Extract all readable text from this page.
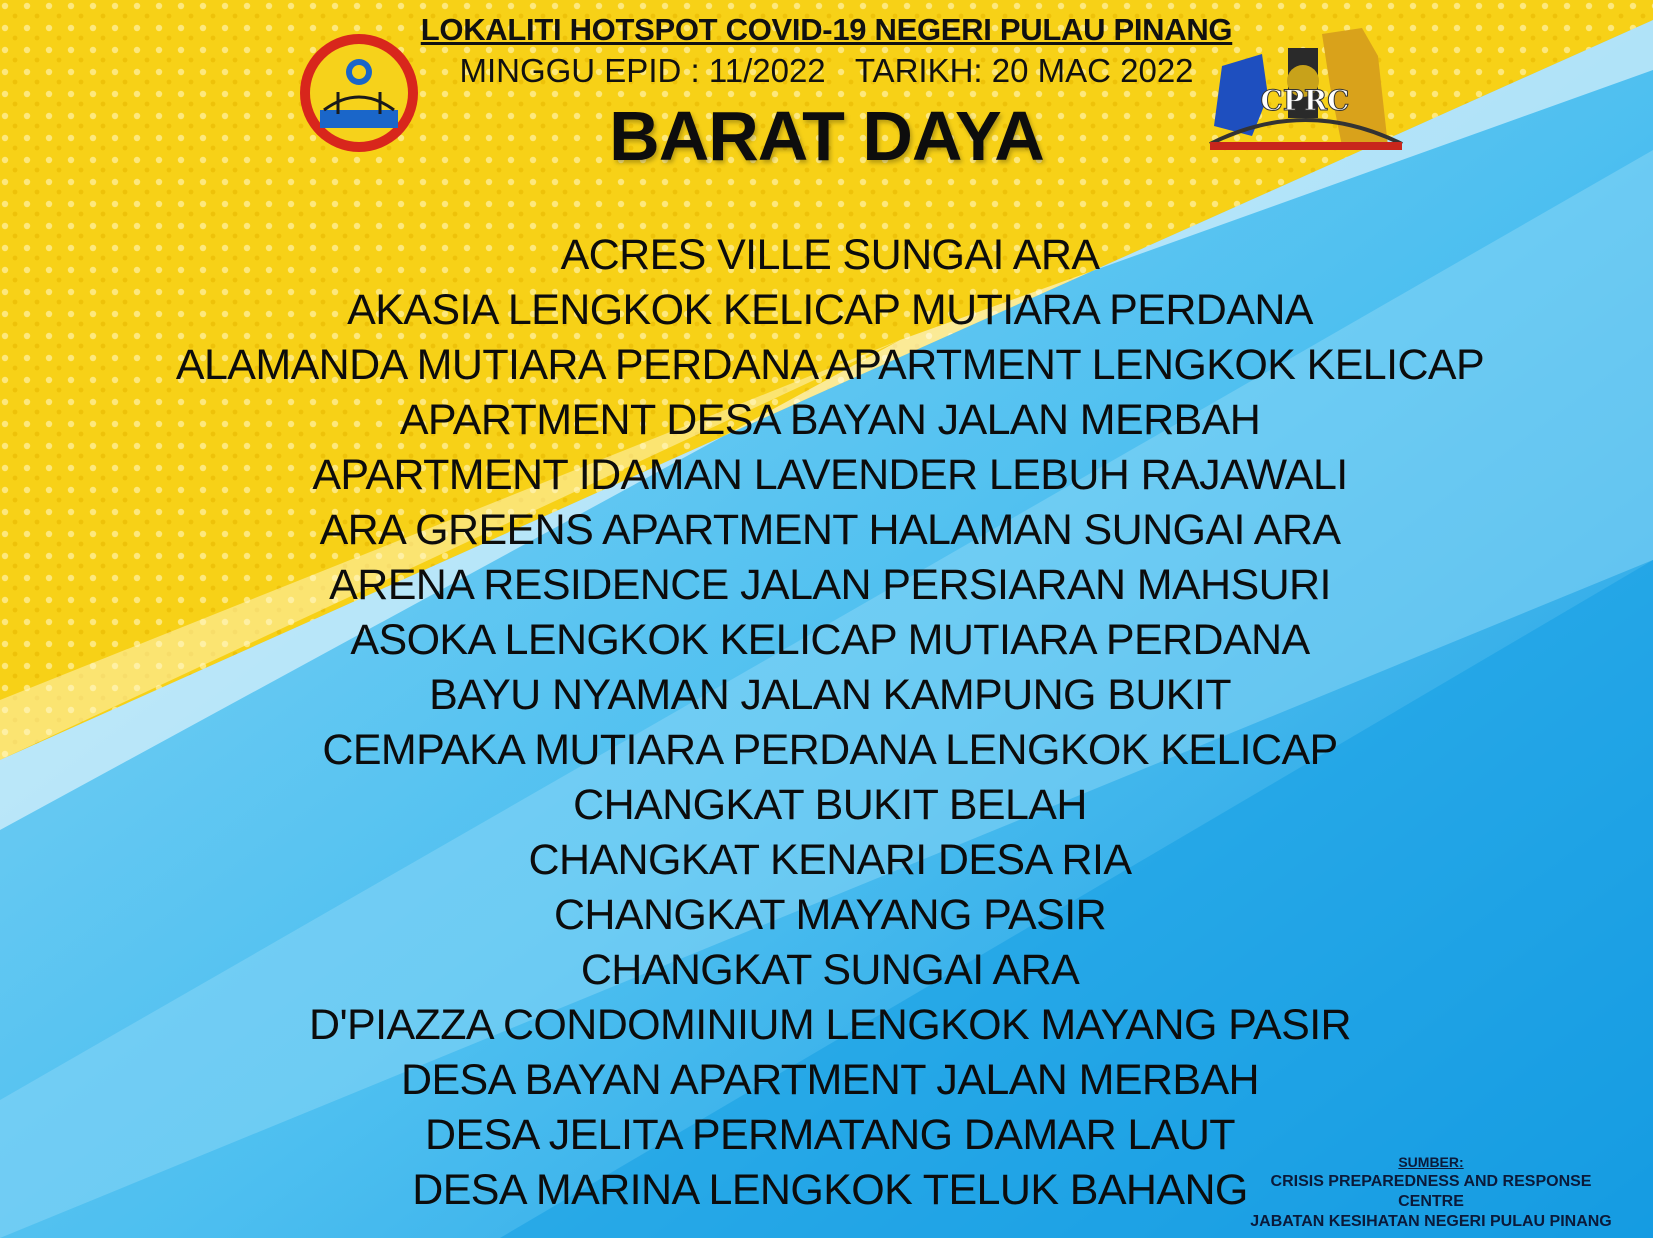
CPRC
LOKALITI HOTSPOT COVID-19 NEGERI PULAU PINANG
MINGGU EPID : 11/2022 TARIKH: 20 MAC 2022
BARAT DAYA
ACRES VILLE SUNGAI ARA
AKASIA LENGKOK KELICAP MUTIARA PERDANA
ALAMANDA MUTIARA PERDANA APARTMENT LENGKOK KELICAP
APARTMENT DESA BAYAN JALAN MERBAH
APARTMENT IDAMAN LAVENDER LEBUH RAJAWALI
ARA GREENS APARTMENT HALAMAN SUNGAI ARA
ARENA RESIDENCE JALAN PERSIARAN MAHSURI
ASOKA LENGKOK KELICAP MUTIARA PERDANA
BAYU NYAMAN JALAN KAMPUNG BUKIT
CEMPAKA MUTIARA PERDANA LENGKOK KELICAP
CHANGKAT BUKIT BELAH
CHANGKAT KENARI DESA RIA
CHANGKAT MAYANG PASIR
CHANGKAT SUNGAI ARA
D'PIAZZA CONDOMINIUM LENGKOK MAYANG PASIR
DESA BAYAN APARTMENT JALAN MERBAH
DESA JELITA PERMATANG DAMAR LAUT
DESA MARINA LENGKOK TELUK BAHANG
SUMBER:
CRISIS PREPAREDNESS AND RESPONSE
CENTRE
JABATAN KESIHATAN NEGERI PULAU PINANG
